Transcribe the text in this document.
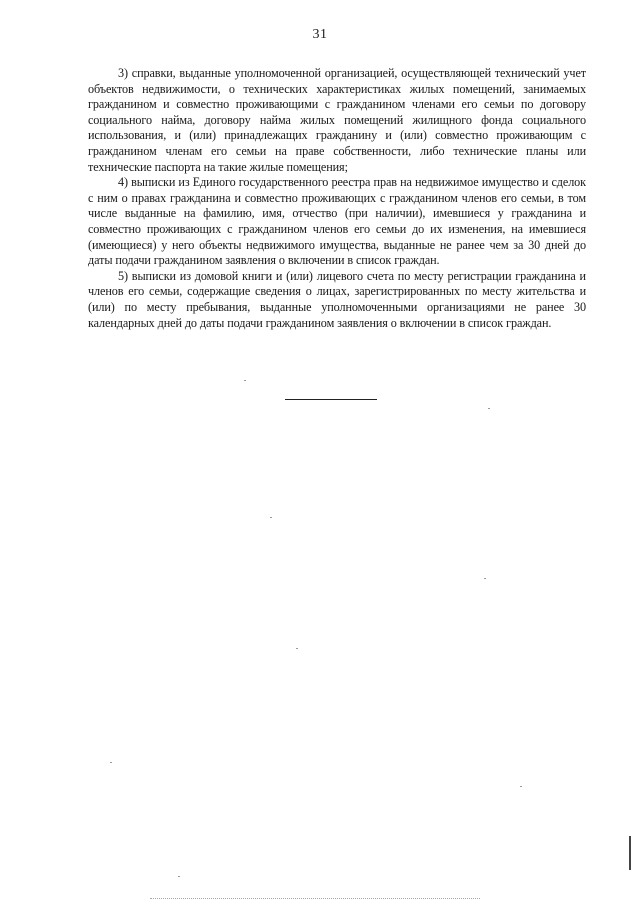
31

3) справки, выданные уполномоченной организацией, осуществляющей технический учет объектов недвижимости, о технических характеристиках жилых помещений, занимаемых гражданином и совместно проживающими с гражданином членами его семьи по договору социального найма, договору найма жилых помещений жилищного фонда социального использования, и (или) принадлежащих гражданину и (или) совместно проживающим с гражданином членам его семьи на праве собственности, либо технические планы или технические паспорта на такие жилые помещения;

4) выписки из Единого государственного реестра прав на недвижимое имущество и сделок с ним о правах гражданина и совместно проживающих с гражданином членов его семьи, в том числе выданные на фамилию, имя, отчество (при наличии), имевшиеся у гражданина и совместно проживающих с гражданином членов его семьи до их изменения, на имевшиеся (имеющиеся) у него объекты недвижимого имущества, выданные не ранее чем за 30 дней до даты подачи гражданином заявления о включении в список граждан.

5) выписки из домовой книги и (или) лицевого счета по месту регистрации гражданина и членов его семьи, содержащие сведения о лицах, зарегистрированных по месту жительства и (или) по месту пребывания, выданные уполномоченными организациями не ранее 30 календарных дней до даты подачи гражданином заявления о включении в список граждан.
